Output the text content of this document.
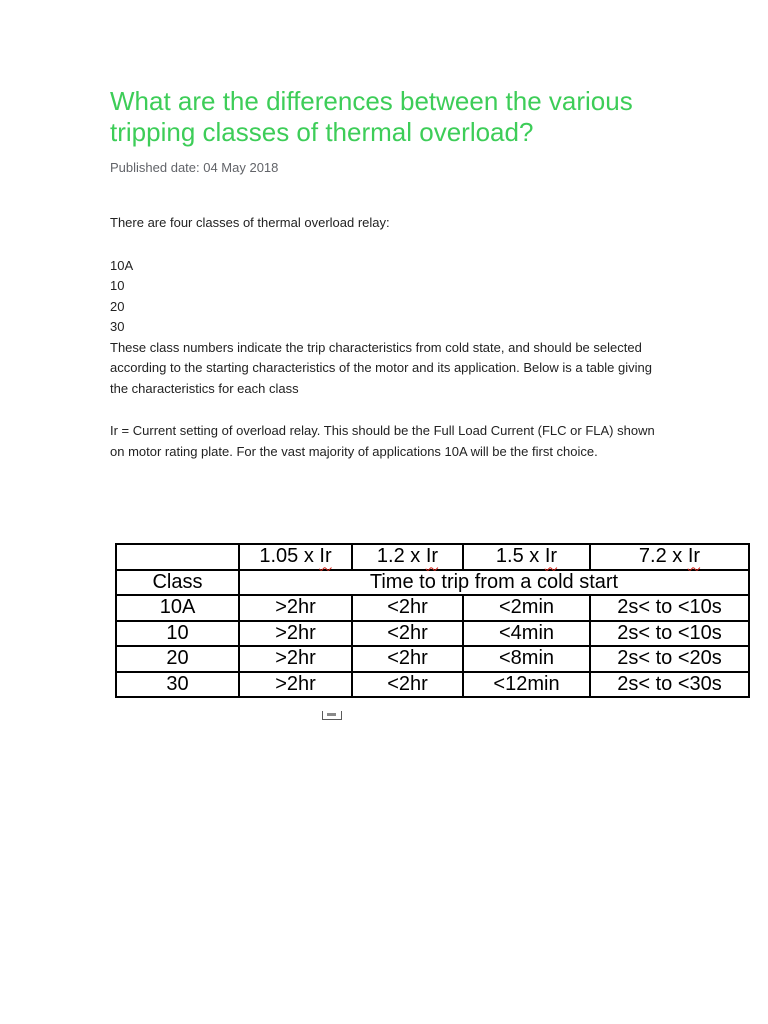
What are the differences between the various tripping classes of thermal overload?
Published date: 04 May 2018
There are four classes of thermal overload relay:
10A
10
20
30
These class numbers indicate the trip characteristics from cold state, and should be selected according to the starting characteristics of the motor and its application. Below is a table giving the characteristics for each class
Ir = Current setting of overload relay. This should be the Full Load Current (FLC or FLA) shown on motor rating plate. For the vast majority of applications 10A will be the first choice.
	1.05 x Ir	1.2 x Ir	1.5 x Ir	7.2 x Ir
Class	Time to trip from a cold start			
10A	>2hr	<2hr	<2min	2s< to <10s
10	>2hr	<2hr	<4min	2s< to <10s
20	>2hr	<2hr	<8min	2s< to <20s
30	>2hr	<2hr	<12min	2s< to <30s
